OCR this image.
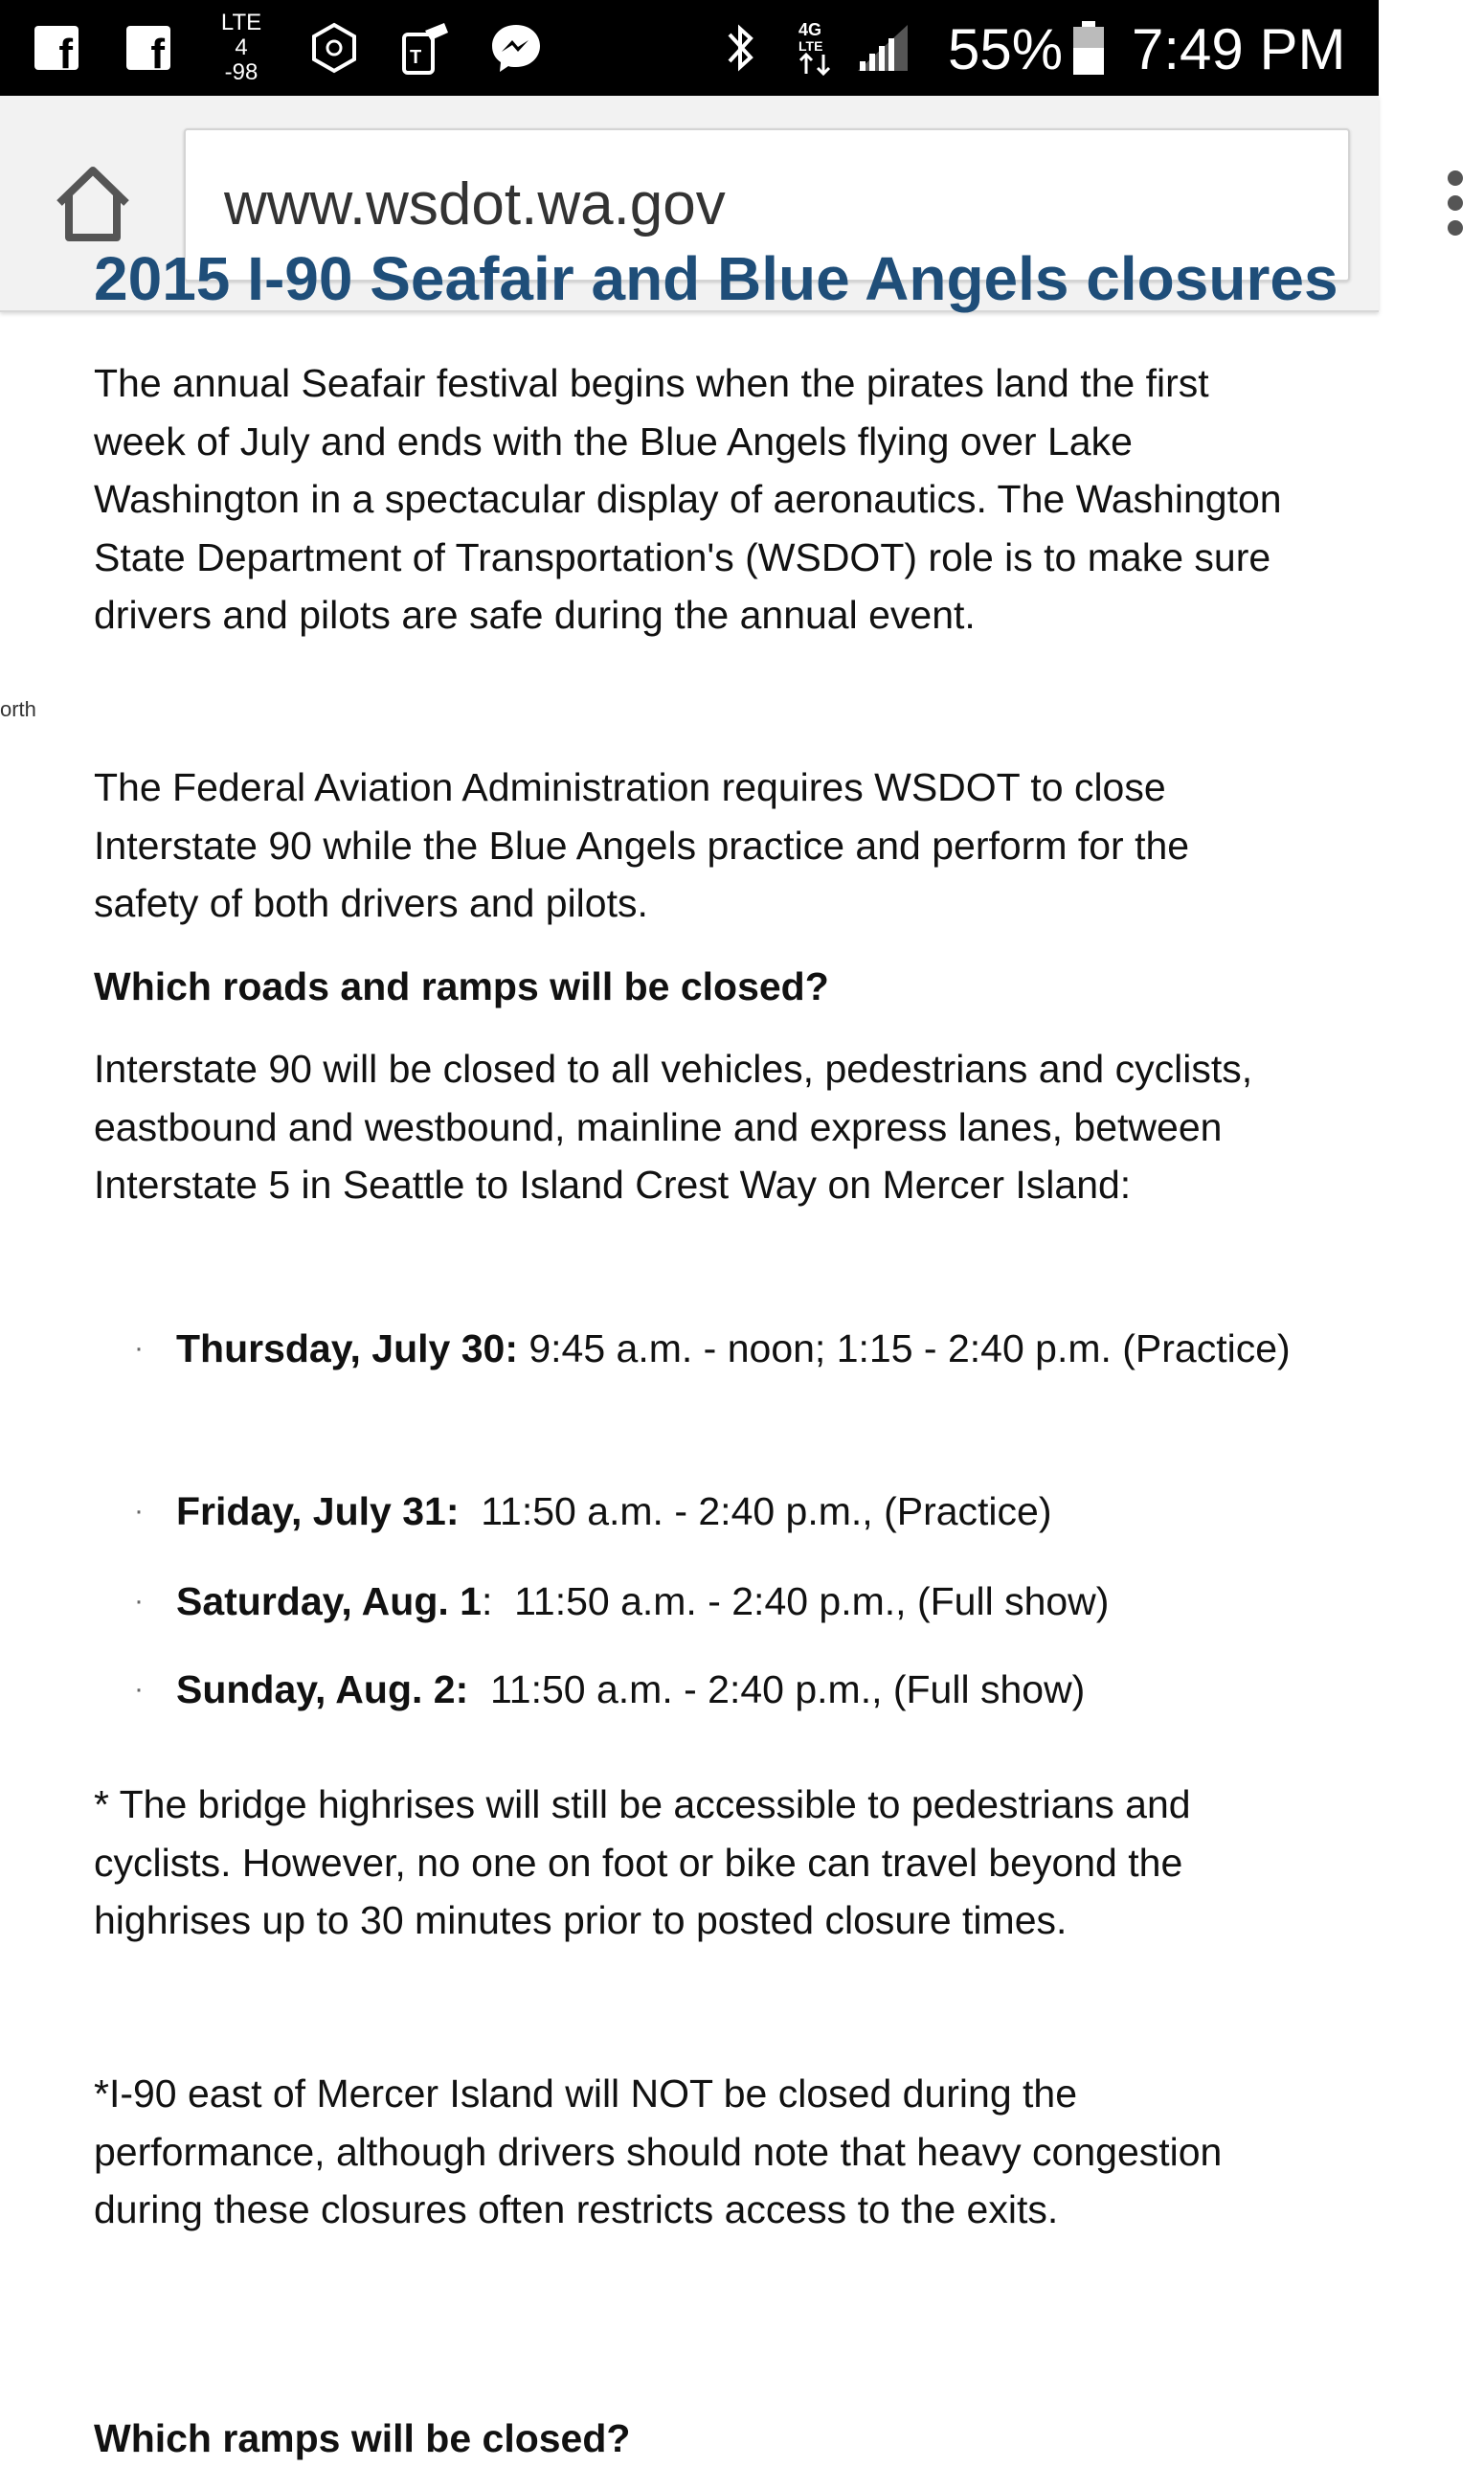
f f
LTE 4
-98
T
4G
LTE 55% 7:49 PM
www.wsdot.wa.gov
2015 I-90 Seafair and Blue Angels closures
orth

The annual Seafair festival begins when the pirates land the first week of July and ends with the Blue Angels flying over Lake Washington in a spectacular display of aeronautics. The Washington State Department of Transportation's (WSDOT) role is to make sure drivers and pilots are safe during the annual event.

The Federal Aviation Administration requires WSDOT to close Interstate 90 while the Blue Angels practice and perform for the safety of both drivers and pilots.

Which roads and ramps will be closed?

Interstate 90 will be closed to all vehicles, pedestrians and cyclists, eastbound and westbound, mainline and express lanes, between Interstate 5 in Seattle to Island Crest Way on Mercer Island:

· Thursday, July 30: 9:45 a.m. - noon; 1:15 - 2:40 p.m. (Practice)
· Friday, July 31:  11:50 a.m. - 2:40 p.m., (Practice)
· Saturday, Aug. 1:  11:50 a.m. - 2:40 p.m., (Full show)
· Sunday, Aug. 2:  11:50 a.m. - 2:40 p.m., (Full show)

* The bridge highrises will still be accessible to pedestrians and cyclists. However, no one on foot or bike can travel beyond the highrises up to 30 minutes prior to posted closure times.

*I-90 east of Mercer Island will NOT be closed during the performance, although drivers should note that heavy congestion during these closures often restricts access to the exits.

Which ramps will be closed?
